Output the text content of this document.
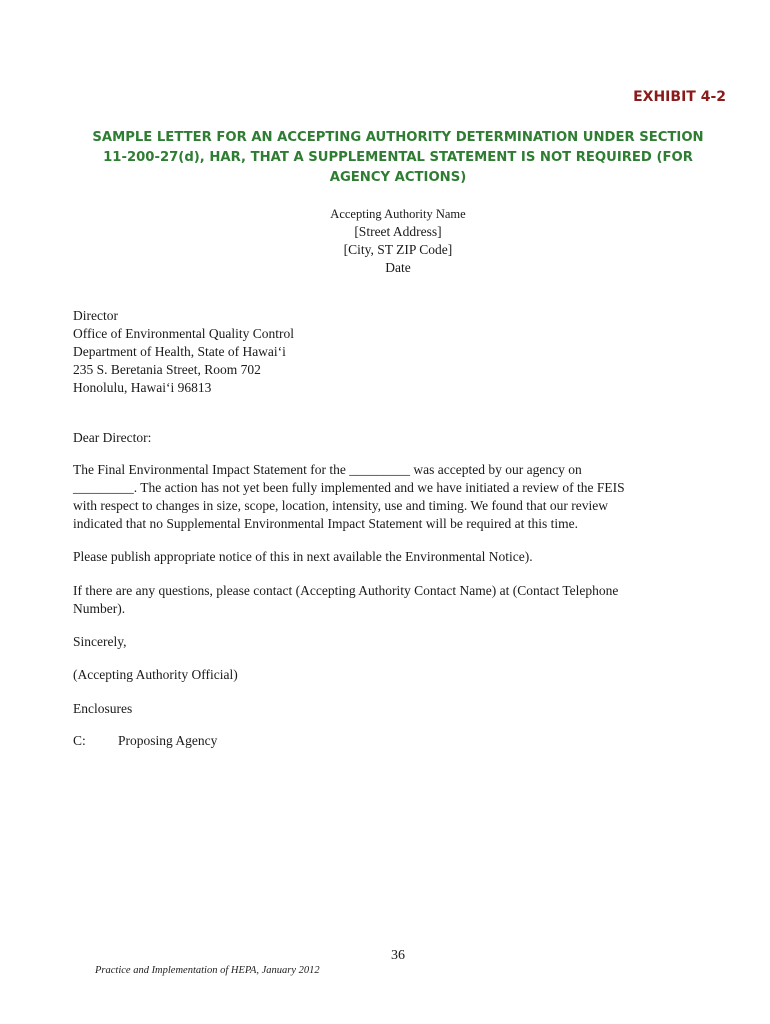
EXHIBIT 4-2
SAMPLE LETTER FOR AN ACCEPTING AUTHORITY DETERMINATION UNDER SECTION
11-200-27(d), HAR, THAT A SUPPLEMENTAL STATEMENT IS NOT REQUIRED (FOR
AGENCY ACTIONS)
Accepting Authority Name
[Street Address]
[City, ST ZIP Code]
Date
Director
Office of Environmental Quality Control
Department of Health, State of Hawai‘i
235 S. Beretania Street, Room 702
Honolulu, Hawai‘i 96813
Dear Director:
The Final Environmental Impact Statement for the _________ was accepted by our agency on
_________. The action has not yet been fully implemented and we have initiated a review of the FEIS
with respect to changes in size, scope, location, intensity, use and timing. We found that our review
indicated that no Supplemental Environmental Impact Statement will be required at this time.
Please publish appropriate notice of this in next available the Environmental Notice).
If there are any questions, please contact (Accepting Authority Contact Name) at (Contact Telephone
Number).
Sincerely,
(Accepting Authority Official)
Enclosures
C: Proposing Agency
36
Practice and Implementation of HEPA, January 2012
